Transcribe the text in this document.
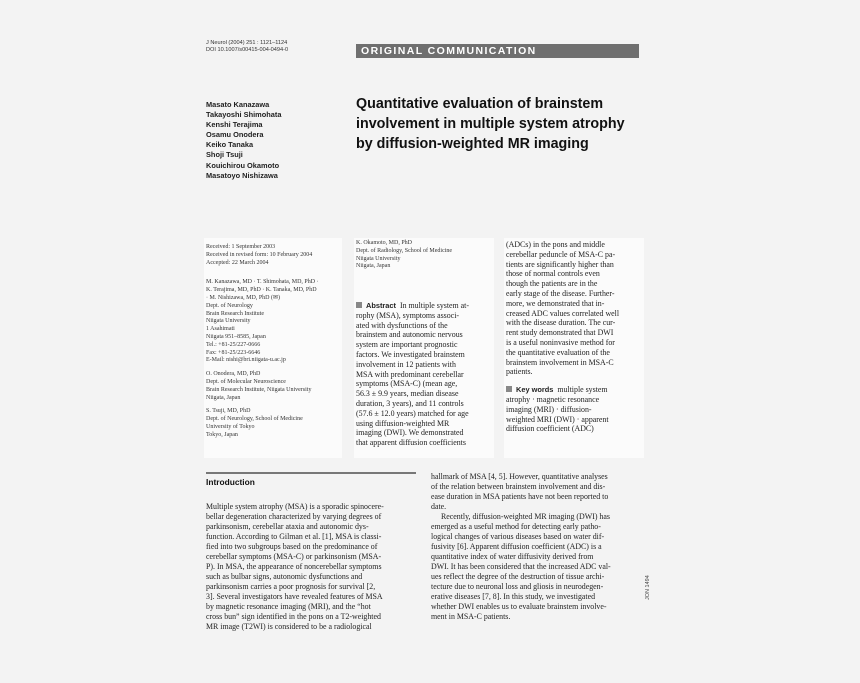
J Neurol (2004) 251 : 1121–1124
DOI 10.1007/s00415-004-0494-0	ORIGINAL COMMUNICATION
Masato Kanazawa
Takayoshi Shimohata
Kenshi Terajima
Osamu Onodera
Keiko Tanaka
Shoji Tsuji
Kouichirou Okamoto
Masatoyo Nishizawa
Quantitative evaluation of brainstem
involvement in multiple system atrophy
by diffusion-weighted MR imaging
Received: 1 September 2003
Received in revised form: 10 February 2004
Accepted: 22 March 2004
M. Kanazawa, MD · T. Shimohata, MD, PhD ·
K. Terajima, MD, PhD · K. Tanaka, MD, PhD
· M. Nishizawa, MD, PhD (✉)
Dept. of Neurology
Brain Research Institute
Niigata University
1 Asahimati
Niigata 951–8585, Japan
Tel.: +81-25/227-0666
Fax: +81-25/223-6646
E-Mail: nishi@bri.niigata-u.ac.jp
O. Onodera, MD, PhD
Dept. of Molecular Neuroscience
Brain Research Institute, Niigata University
Niigata, Japan
S. Tsuji, MD, PhD
Dept. of Neurology, School of Medicine
University of Tokyo
Tokyo, Japan
K. Okamoto, MD, PhD
Dept. of Radiology, School of Medicine
Niigata University
Niigata, Japan
Abstract In multiple system at-
rophy (MSA), symptoms associ-
ated with dysfunctions of the
brainstem and autonomic nervous
system are important prognostic
factors. We investigated brainstem
involvement in 12 patients with
MSA with predominant cerebellar
symptoms (MSA-C) (mean age,
56.3 ± 9.9 years, median disease
duration, 3 years), and 11 controls
(57.6 ± 12.0 years) matched for age
using diffusion-weighted MR
imaging (DWI). We demonstrated
that apparent diffusion coefficients
(ADCs) in the pons and middle
cerebellar peduncle of MSA-C pa-
tients are significantly higher than
those of normal controls even
though the patients are in the
early stage of the disease. Further-
more, we demonstrated that in-
creased ADC values correlated well
with the disease duration. The cur-
rent study demonstrated that DWI
is a useful noninvasive method for
the quantitative evaluation of the
brainstem involvement in MSA-C
patients.
Key words multiple system
atrophy · magnetic resonance
imaging (MRI) · diffusion-
weighted MRI (DWI) · apparent
diffusion coefficient (ADC)
Introduction
Multiple system atrophy (MSA) is a sporadic spinocere-
bellar degeneration characterized by varying degrees of
parkinsonism, cerebellar ataxia and autonomic dys-
function. According to Gilman et al. [1], MSA is classi-
fied into two subgroups based on the predominance of
cerebellar symptoms (MSA-C) or parkinsonism (MSA-
P). In MSA, the appearance of noncerebellar symptoms
such as bulbar signs, autonomic dysfunctions and
parkinsonism carries a poor prognosis for survival [2,
3]. Several investigators have revealed features of MSA
by magnetic resonance imaging (MRI), and the “hot
cross bun” sign identified in the pons on a T2-weighted
MR image (T2WI) is considered to be a radiological
hallmark of MSA [4, 5]. However, quantitative analyses
of the relation between brainstem involvement and dis-
ease duration in MSA patients have not been reported to
date.
Recently, diffusion-weighted MR imaging (DWI) has
emerged as a useful method for detecting early patho-
logical changes of various diseases based on water dif-
fusivity [6]. Apparent diffusion coefficient (ADC) is a
quantitative index of water diffusivity derived from
DWI. It has been considered that the increased ADC val-
ues reflect the degree of the destruction of tissue archi-
tecture due to neuronal loss and gliosis in neurodegen-
erative diseases [7, 8]. In this study, we investigated
whether DWI enables us to evaluate brainstem involve-
ment in MSA-C patients.
JON 1494
